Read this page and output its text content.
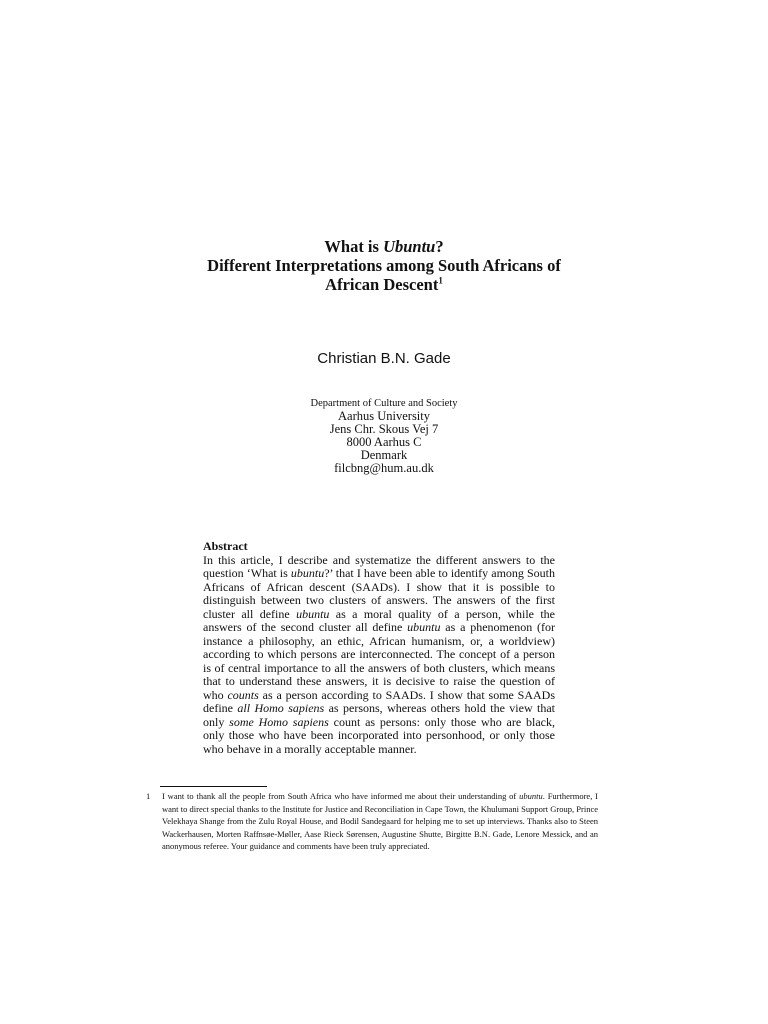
What is Ubuntu?
Different Interpretations among South Africans of
African Descent$^1$
Christian B.N. Gade
Department of Culture and Society
Aarhus University
Jens Chr. Skous Vej 7
8000 Aarhus C
Denmark
filcbng@hum.au.dk
Abstract
In this article, I describe and systematize the different answers to the question ‘What is ubuntu?’ that I have been able to identify among South Africans of African descent (SAADs). I show that it is possible to distinguish between two clusters of answers. The answers of the first cluster all define ubuntu as a moral quality of a person, while the answers of the second cluster all define ubuntu as a phenomenon (for instance a philosophy, an ethic, African humanism, or, a worldview) according to which persons are interconnected. The concept of a person is of central importance to all the answers of both clusters, which means that to understand these answers, it is decisive to raise the question of who counts as a person according to SAADs. I show that some SAADs define all Homo sapiens as persons, whereas others hold the view that only some Homo sapiens count as persons: only those who are black, only those who have been incorporated into personhood, or only those who behave in a morally acceptable manner.
1 I want to thank all the people from South Africa who have informed me about their understanding of ubuntu. Furthermore, I want to direct special thanks to the Institute for Justice and Reconciliation in Cape Town, the Khulumani Support Group, Prince Velekhaya Shange from the Zulu Royal House, and Bodil Sandegaard for helping me to set up interviews. Thanks also to Steen Wackerhausen, Morten Raffnsøe-Møller, Aase Rieck Sørensen, Augustine Shutte, Birgitte B.N. Gade, Lenore Messick, and an anonymous referee. Your guidance and comments have been truly appreciated.
